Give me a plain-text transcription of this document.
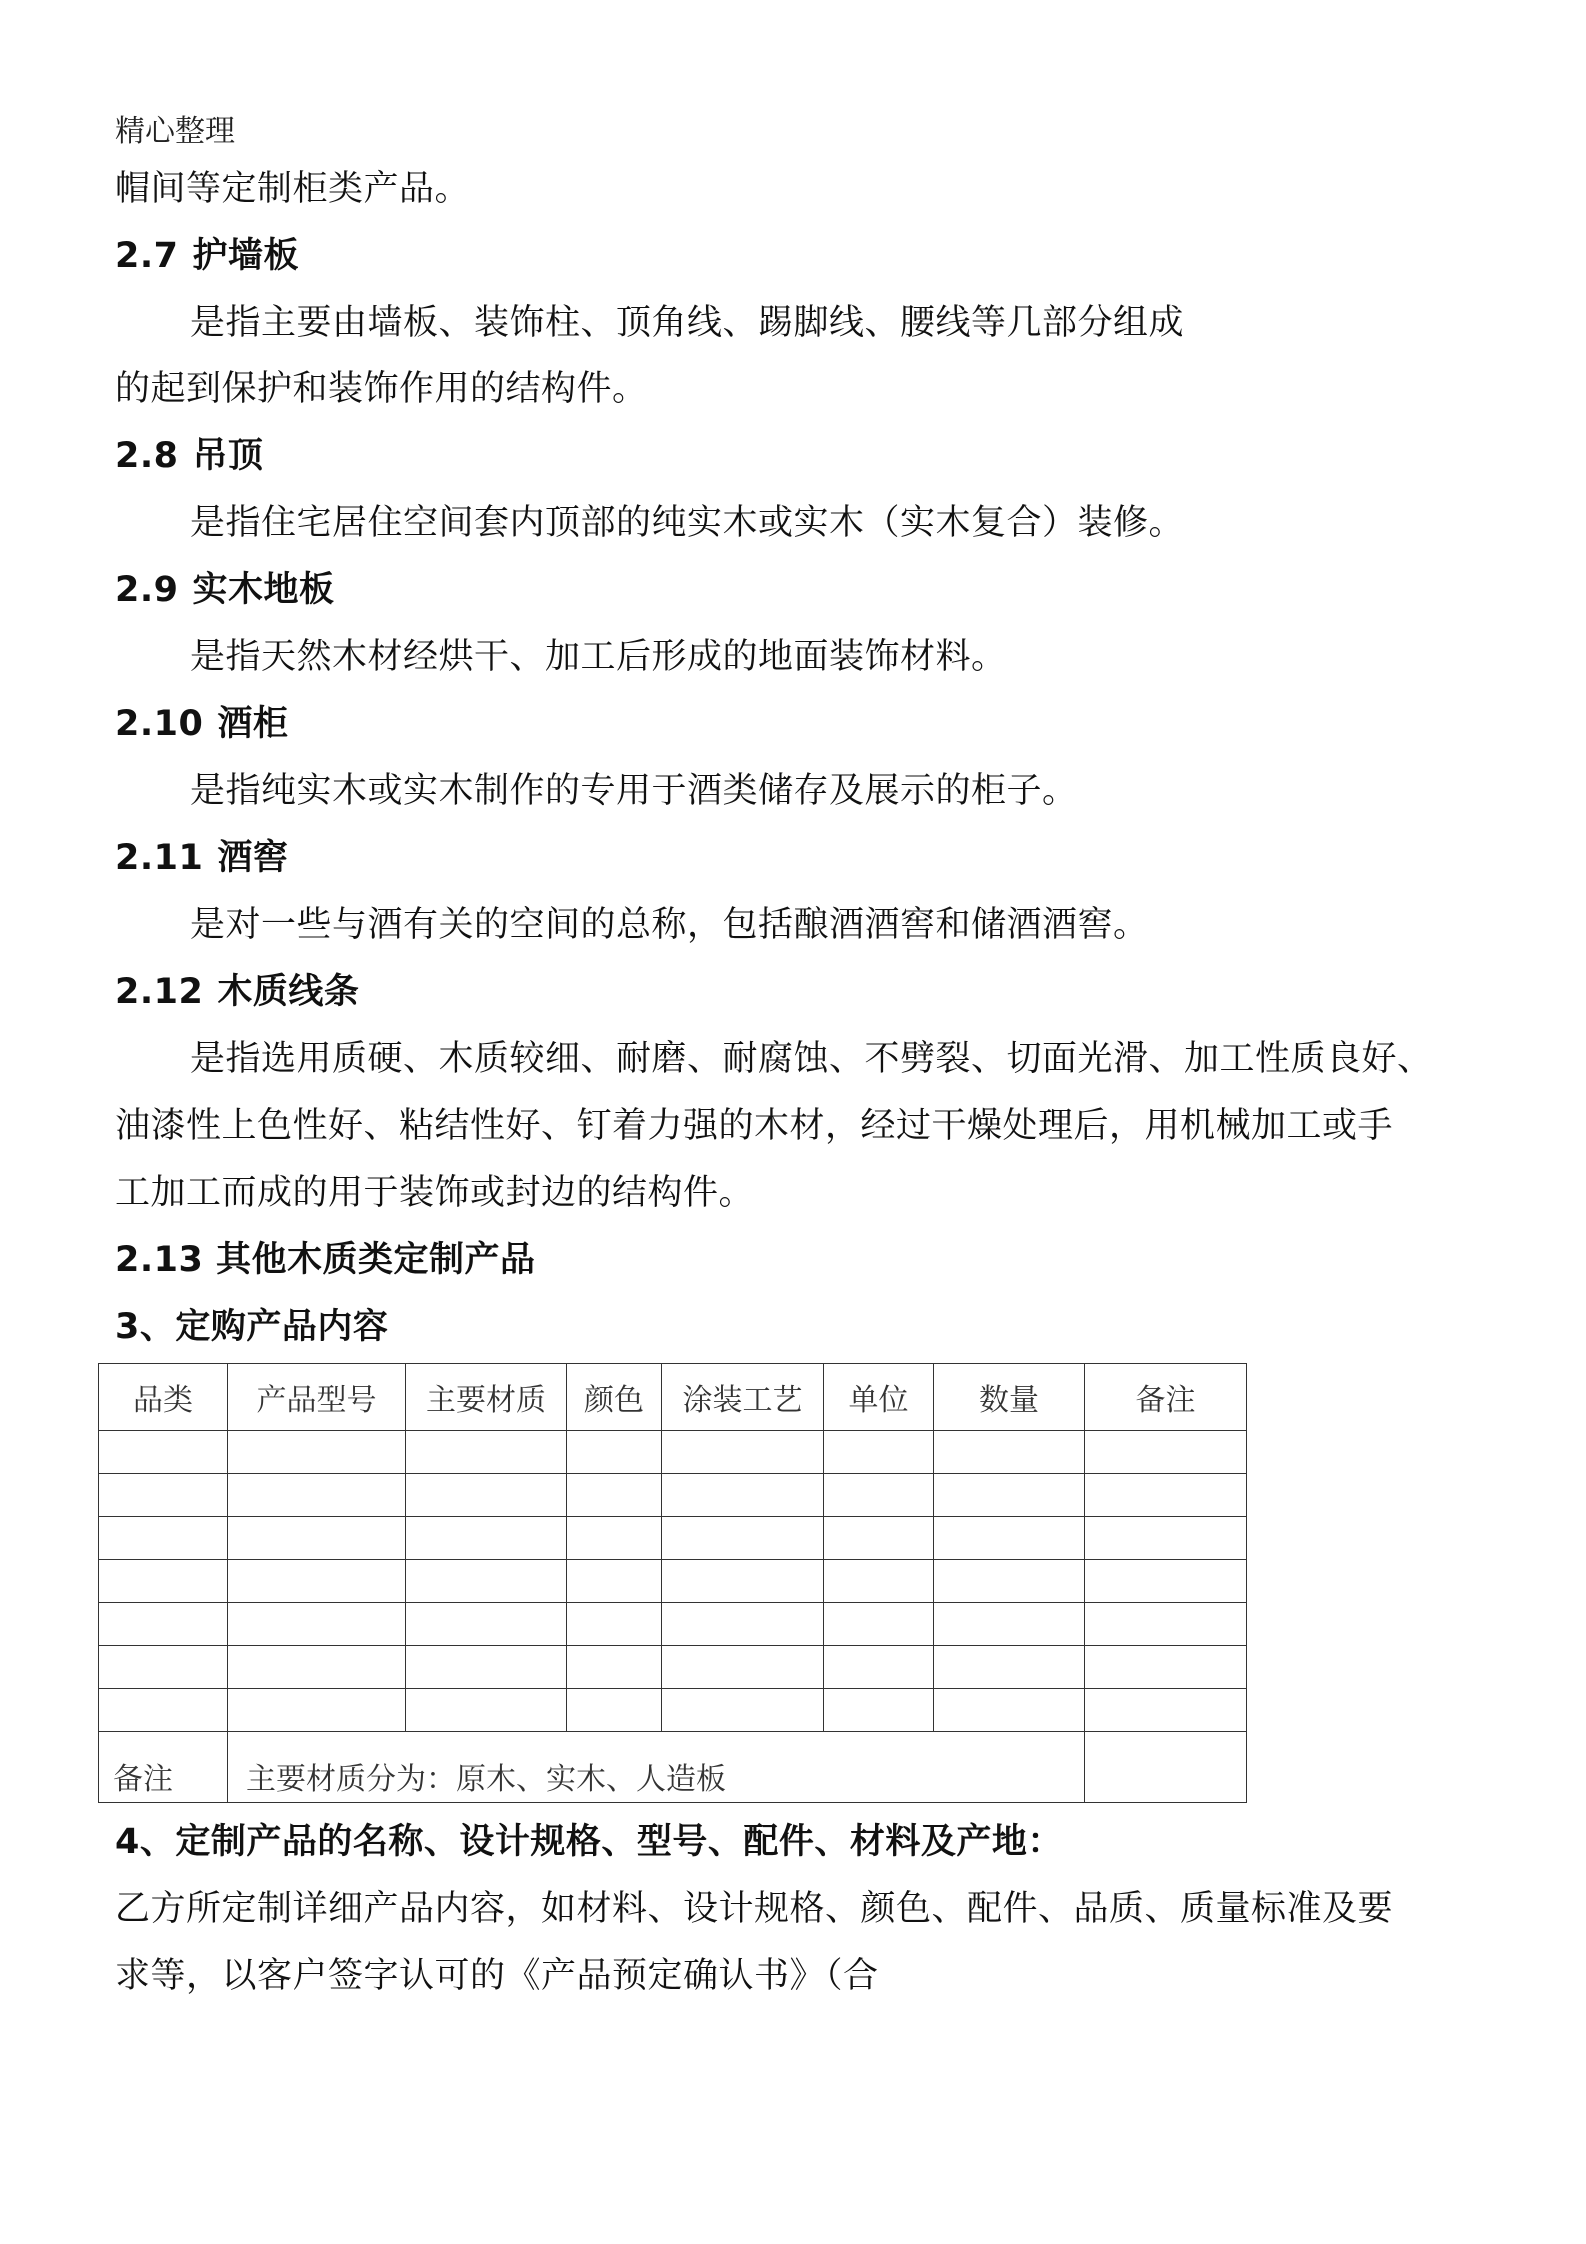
精心整理
帽间等定制柜类产品。
2.7 护墙板
是指主要由墙板、装饰柱、顶角线、踢脚线、腰线等几部分组成
的起到保护和装饰作用的结构件。
2.8 吊顶
是指住宅居住空间套内顶部的纯实木或实木（实木复合）装修。
2.9 实木地板
是指天然木材经烘干、加工后形成的地面装饰材料。
2.10 酒柜
是指纯实木或实木制作的专用于酒类储存及展示的柜子。
2.11 酒窖
是对一些与酒有关的空间的总称，包括酿酒酒窖和储酒酒窖。
2.12 木质线条
是指选用质硬、木质较细、耐磨、耐腐蚀、不劈裂、切面光滑、加工性质良好、
油漆性上色性好、粘结性好、钉着力强的木材，经过干燥处理后，用机械加工或手
工加工而成的用于装饰或封边的结构件。
2.13 其他木质类定制产品
3、定购产品内容
品类	产品型号	主要材质	颜色	涂装工艺	单位	数量	备注

备注	主要材质分为：原木、实木、人造板						
4、定制产品的名称、设计规格、型号、配件、材料及产地：
乙方所定制详细产品内容，如材料、设计规格、颜色、配件、品质、质量标准及要
求等，以客户签字认可的《产品预定确认书》（合
